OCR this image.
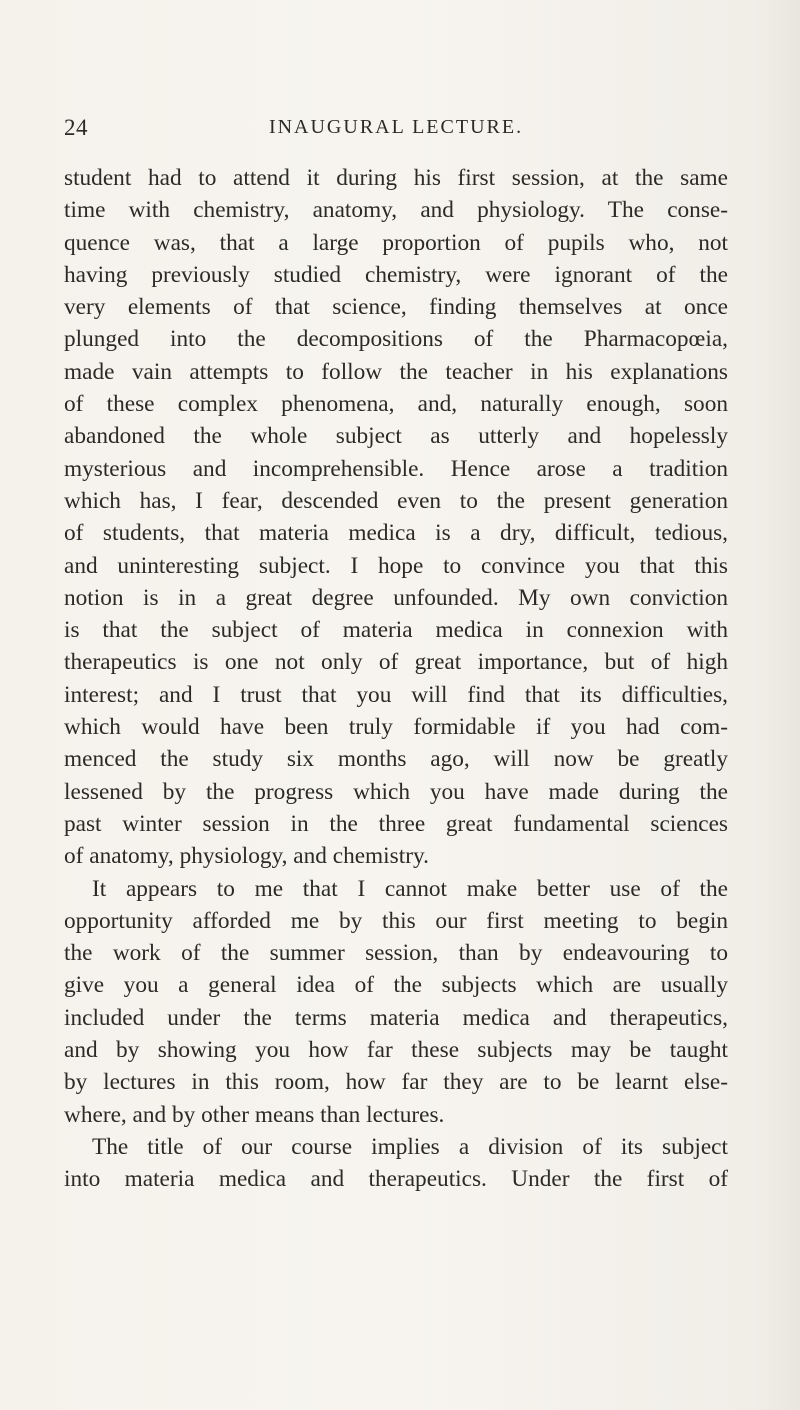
24	INAUGURAL LECTURE.
student had to attend it during his first session, at the same
time with chemistry, anatomy, and physiology. The conse-
quence was, that a large proportion of pupils who, not
having previously studied chemistry, were ignorant of the
very elements of that science, finding themselves at once
plunged into the decompositions of the Pharmacopœia,
made vain attempts to follow the teacher in his explanations
of these complex phenomena, and, naturally enough, soon
abandoned the whole subject as utterly and hopelessly
mysterious and incomprehensible. Hence arose a tradition
which has, I fear, descended even to the present generation
of students, that materia medica is a dry, difficult, tedious,
and uninteresting subject. I hope to convince you that this
notion is in a great degree unfounded. My own conviction
is that the subject of materia medica in connexion with
therapeutics is one not only of great importance, but of high
interest; and I trust that you will find that its difficulties,
which would have been truly formidable if you had com-
menced the study six months ago, will now be greatly
lessened by the progress which you have made during the
past winter session in the three great fundamental sciences
of anatomy, physiology, and chemistry.
It appears to me that I cannot make better use of the
opportunity afforded me by this our first meeting to begin
the work of the summer session, than by endeavouring to
give you a general idea of the subjects which are usually
included under the terms materia medica and therapeutics,
and by showing you how far these subjects may be taught
by lectures in this room, how far they are to be learnt else-
where, and by other means than lectures.
The title of our course implies a division of its subject
into materia medica and therapeutics. Under the first of
